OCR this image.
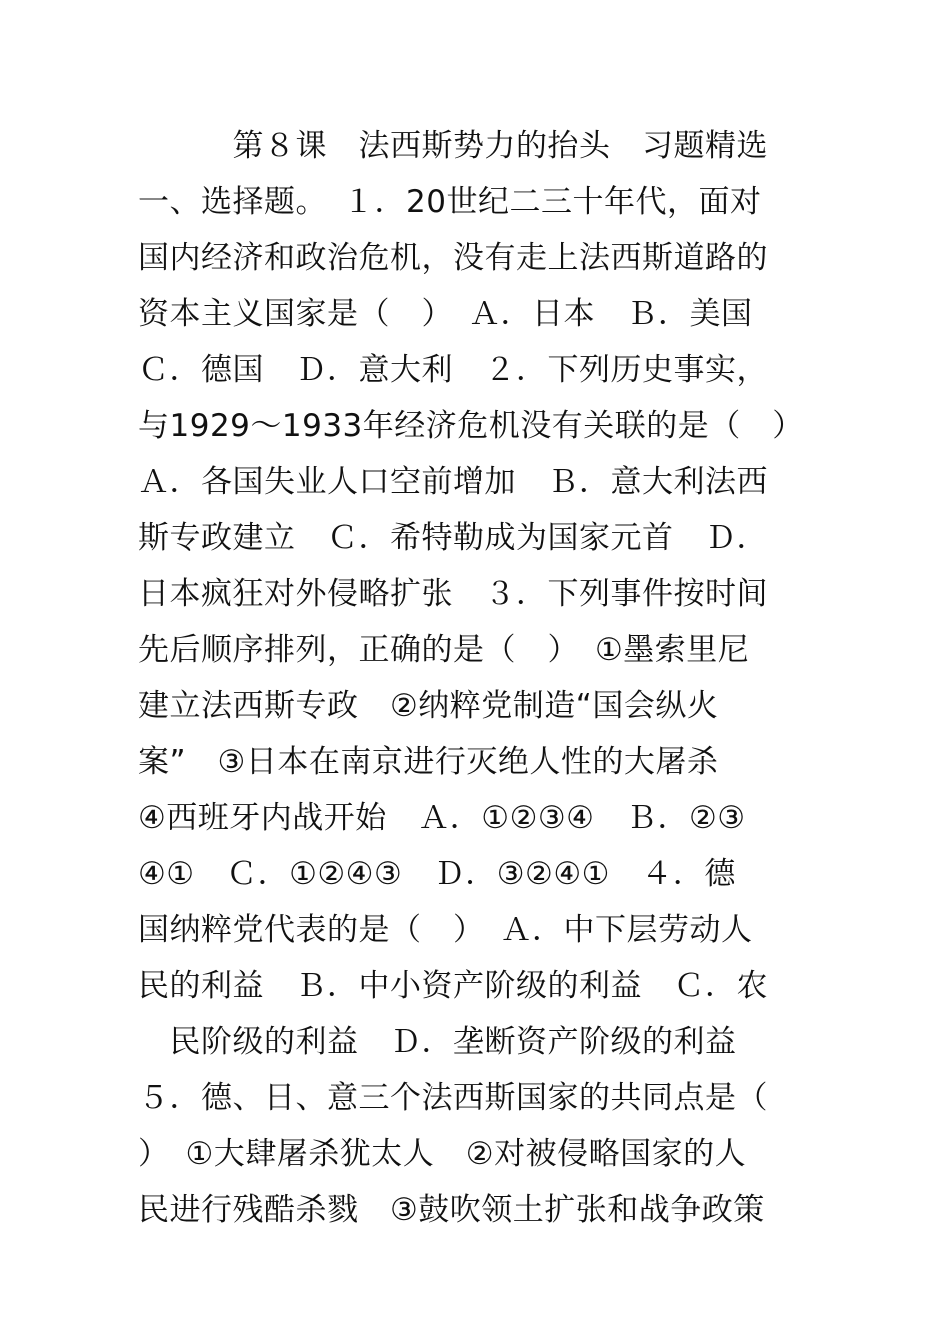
　　　第８课　法西斯势力的抬头　习题精选
一、选择题。　１．20世纪二三十年代，面对
国内经济和政治危机，没有走上法西斯道路的
资本主义国家是（　）　Ａ．日本　Ｂ．美国
Ｃ．德国　Ｄ．意大利　２．下列历史事实，
与1929～1933年经济危机没有关联的是（　）
Ａ．各国失业人口空前增加　Ｂ．意大利法西
斯专政建立　Ｃ．希特勒成为国家元首　Ｄ．
日本疯狂对外侵略扩张　３．下列事件按时间
先后顺序排列，正确的是（　）　①墨索里尼
建立法西斯专政　②纳粹党制造“国会纵火
案”　③日本在南京进行灭绝人性的大屠杀
④西班牙内战开始　Ａ．①②③④　Ｂ．②③
④①　Ｃ．①②④③　Ｄ．③②④①　４．德
国纳粹党代表的是（　）　Ａ．中下层劳动人
民的利益　Ｂ．中小资产阶级的利益　Ｃ．农
　民阶级的利益　Ｄ．垄断资产阶级的利益
５．德、日、意三个法西斯国家的共同点是（
）　①大肆屠杀犹太人　②对被侵略国家的人
民进行残酷杀戮　③鼓吹领土扩张和战争政策
